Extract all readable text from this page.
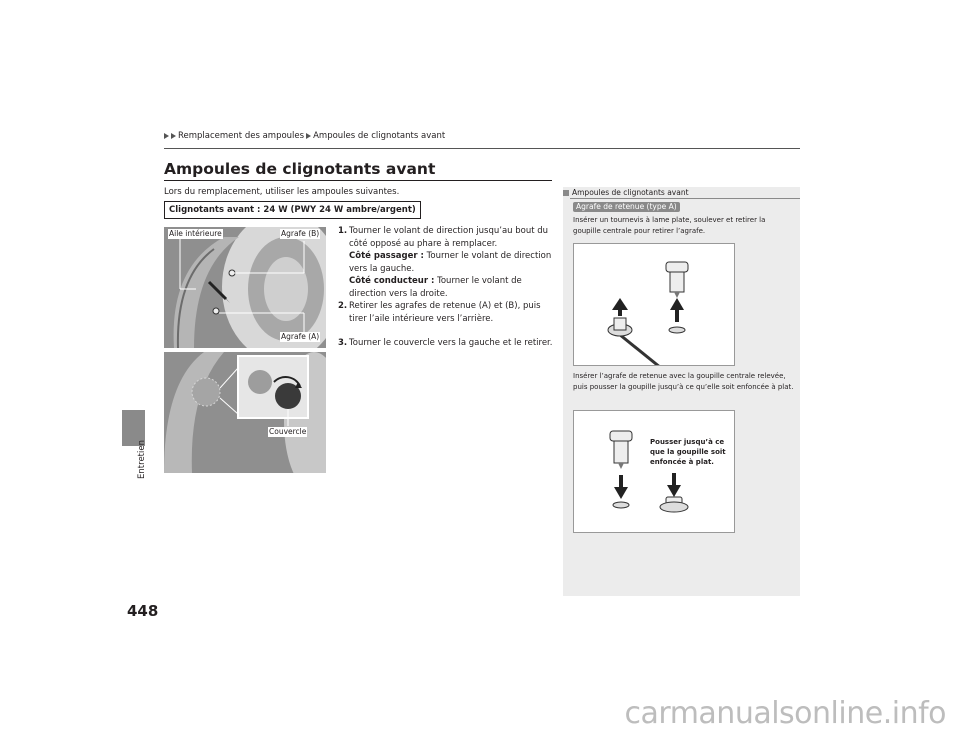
Remplacement des ampoules Ampoules de clignotants avant
Entretien
448
Ampoules de clignotants avant
Lors du remplacement, utiliser les ampoules suivantes.
Clignotants avant : 24 W (PWY 24 W ambre/argent)
Aile intérieure	Agrafe (B)
Agrafe (A)
Couvercle
1. Tourner le volant de direction jusqu’au bout du côté opposé au phare à remplacer.
Côté passager : Tourner le volant de direction vers la gauche.
Côté conducteur : Tourner le volant de direction vers la droite.
2. Retirer les agrafes de retenue (A) et (B), puis tirer l’aile intérieure vers l’arrière.
3. Tourner le couvercle vers la gauche et le retirer.
Ampoules de clignotants avant
Agrafe de retenue (type A)
Insérer un tournevis à lame plate, soulever et retirer la goupille centrale pour retirer l’agrafe.
Insérer l’agrafe de retenue avec la goupille centrale relevée, puis pousser la goupille jusqu’à ce qu’elle soit enfoncée à plat.
Pousser jusqu’à ce que la goupille soit enfoncée à plat.
carmanualsonline.info
